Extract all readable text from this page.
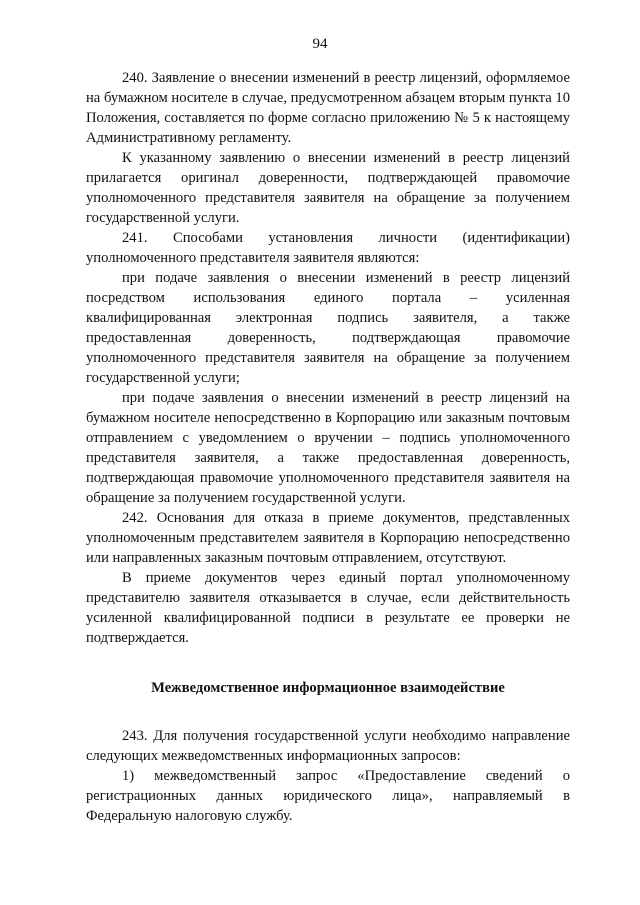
94

240. Заявление о внесении изменений в реестр лицензий, оформляемое на бумажном носителе в случае, предусмотренном абзацем вторым пункта 10 Положения, составляется по форме согласно приложению № 5 к настоящему Административному регламенту.

К указанному заявлению о внесении изменений в реестр лицензий прилагается оригинал доверенности, подтверждающей правомочие уполномоченного представителя заявителя на обращение за получением государственной услуги.

241. Способами установления личности (идентификации) уполномоченного представителя заявителя являются:

при подаче заявления о внесении изменений в реестр лицензий посредством использования единого портала – усиленная квалифицированная электронная подпись заявителя, а также предоставленная доверенность, подтверждающая правомочие уполномоченного представителя заявителя на обращение за получением государственной услуги;

при подаче заявления о внесении изменений в реестр лицензий на бумажном носителе непосредственно в Корпорацию или заказным почтовым отправлением с уведомлением о вручении – подпись уполномоченного представителя заявителя, а также предоставленная доверенность, подтверждающая правомочие уполномоченного представителя заявителя на обращение за получением государственной услуги.

242. Основания для отказа в приеме документов, представленных уполномоченным представителем заявителя в Корпорацию непосредственно или направленных заказным почтовым отправлением, отсутствуют.

В приеме документов через единый портал уполномоченному представителю заявителя отказывается в случае, если действительность усиленной квалифицированной подписи в результате ее проверки не подтверждается.

Межведомственное информационное взаимодействие

243. Для получения государственной услуги необходимо направление следующих межведомственных информационных запросов:

1) межведомственный запрос «Предоставление сведений о регистрационных данных юридического лица», направляемый в Федеральную налоговую службу.
